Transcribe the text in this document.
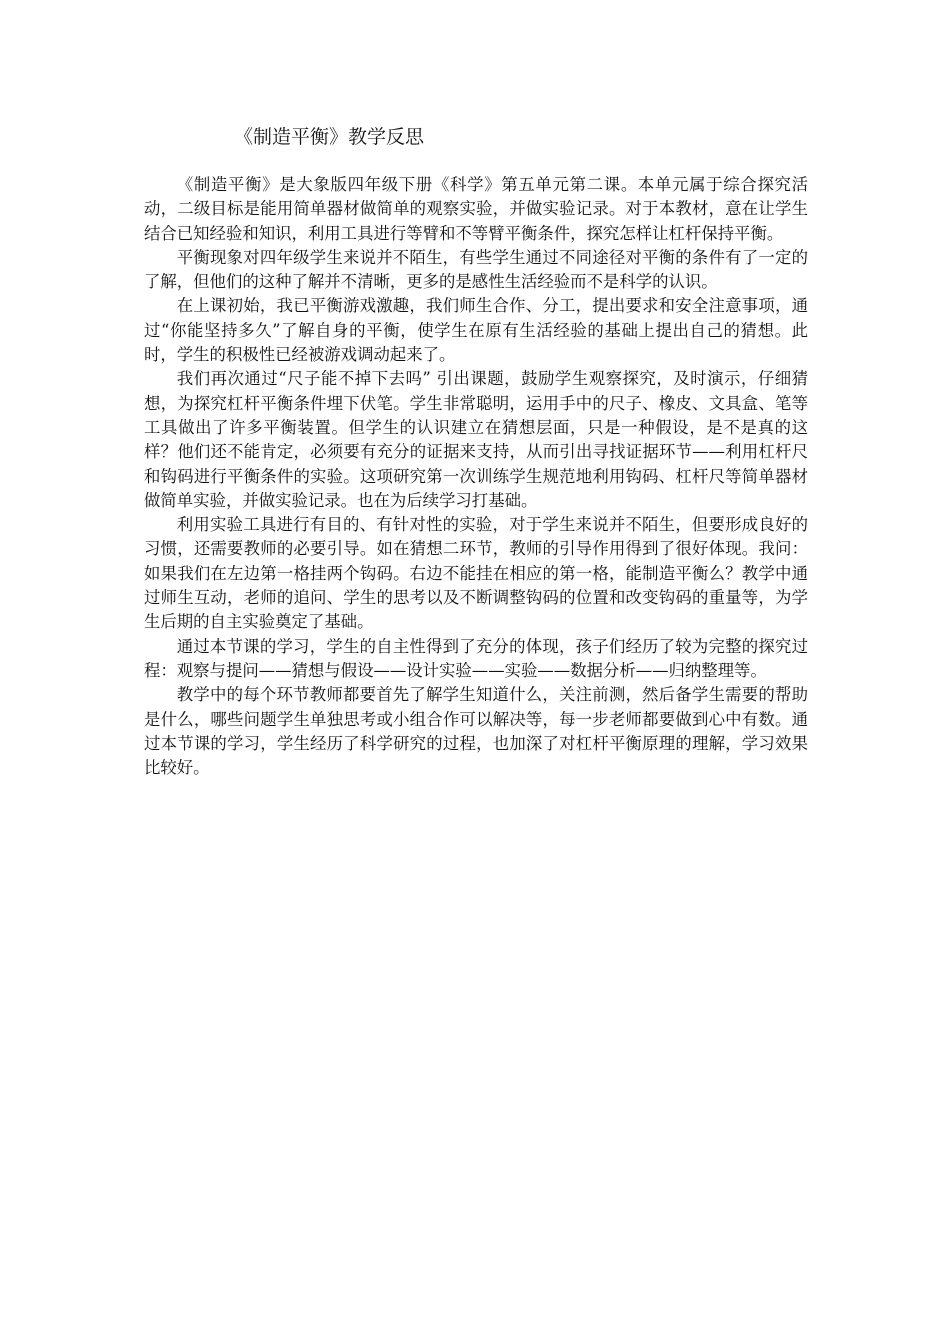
《制造平衡》教学反思

《制造平衡》是大象版四年级下册《科学》第五单元第二课。本单元属于综合探究活动，二级目标是能用简单器材做简单的观察实验，并做实验记录。对于本教材，意在让学生结合已知经验和知识，利用工具进行等臂和不等臂平衡条件，探究怎样让杠杆保持平衡。

平衡现象对四年级学生来说并不陌生，有些学生通过不同途径对平衡的条件有了一定的了解，但他们的这种了解并不清晰，更多的是感性生活经验而不是科学的认识。

在上课初始，我已平衡游戏激趣，我们师生合作、分工，提出要求和安全注意事项，通过“你能坚持多久”了解自身的平衡，使学生在原有生活经验的基础上提出自己的猜想。此时，学生的积极性已经被游戏调动起来了。

我们再次通过“尺子能不掉下去吗” 引出课题，鼓励学生观察探究，及时演示，仔细猜想，为探究杠杆平衡条件埋下伏笔。学生非常聪明，运用手中的尺子、橡皮、文具盒、笔等工具做出了许多平衡装置。但学生的认识建立在猜想层面，只是一种假设，是不是真的这样？他们还不能肯定，必须要有充分的证据来支持，从而引出寻找证据环节——利用杠杆尺和钩码进行平衡条件的实验。这项研究第一次训练学生规范地利用钩码、杠杆尺等简单器材做简单实验，并做实验记录。也在为后续学习打基础。

利用实验工具进行有目的、有针对性的实验，对于学生来说并不陌生，但要形成良好的习惯，还需要教师的必要引导。如在猜想二环节，教师的引导作用得到了很好体现。我问：如果我们在左边第一格挂两个钩码。右边不能挂在相应的第一格，能制造平衡么？教学中通过师生互动，老师的追问、学生的思考以及不断调整钩码的位置和改变钩码的重量等，为学生后期的自主实验奠定了基础。

通过本节课的学习，学生的自主性得到了充分的体现，孩子们经历了较为完整的探究过程：观察与提问——猜想与假设——设计实验——实验——数据分析——归纳整理等。

教学中的每个环节教师都要首先了解学生知道什么，关注前测，然后备学生需要的帮助是什么，哪些问题学生单独思考或小组合作可以解决等，每一步老师都要做到心中有数。通过本节课的学习，学生经历了科学研究的过程，也加深了对杠杆平衡原理的理解，学习效果比较好。
